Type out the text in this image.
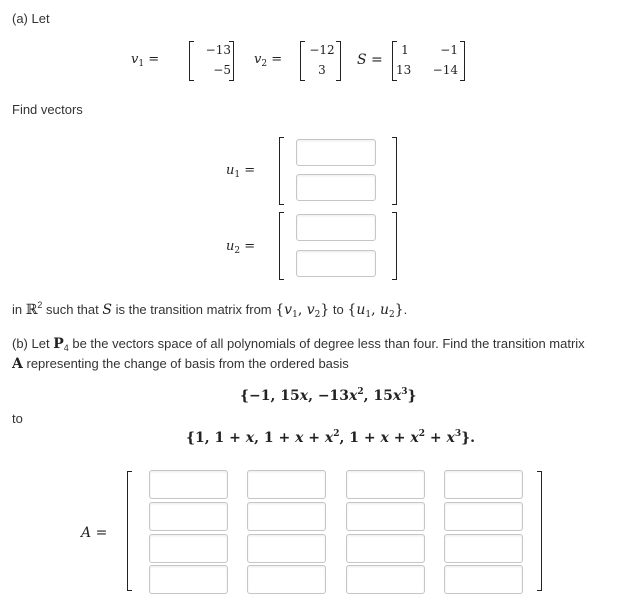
(a) Let
$v_1$ =
−13
−5
$v_2$ =
−12
3
S =
1	−1
13	−14
Find vectors
$u_1$ =
$u_2$ =
in ℝ$^2$ such that S is the transition matrix from {$v_1$, $v_2$} to {$u_1$, $u_2$}.
(b) Let $P_4$ be the vectors space of all polynomials of degree less than four. Find the transition matrix
A representing the change of basis from the ordered basis
{−1, 15x, $-13x^2$, $15x^3$}
to
{1, 1 + x, $1 + x + x^2$, $1 + x + x^2 + x^3$}.
A =
